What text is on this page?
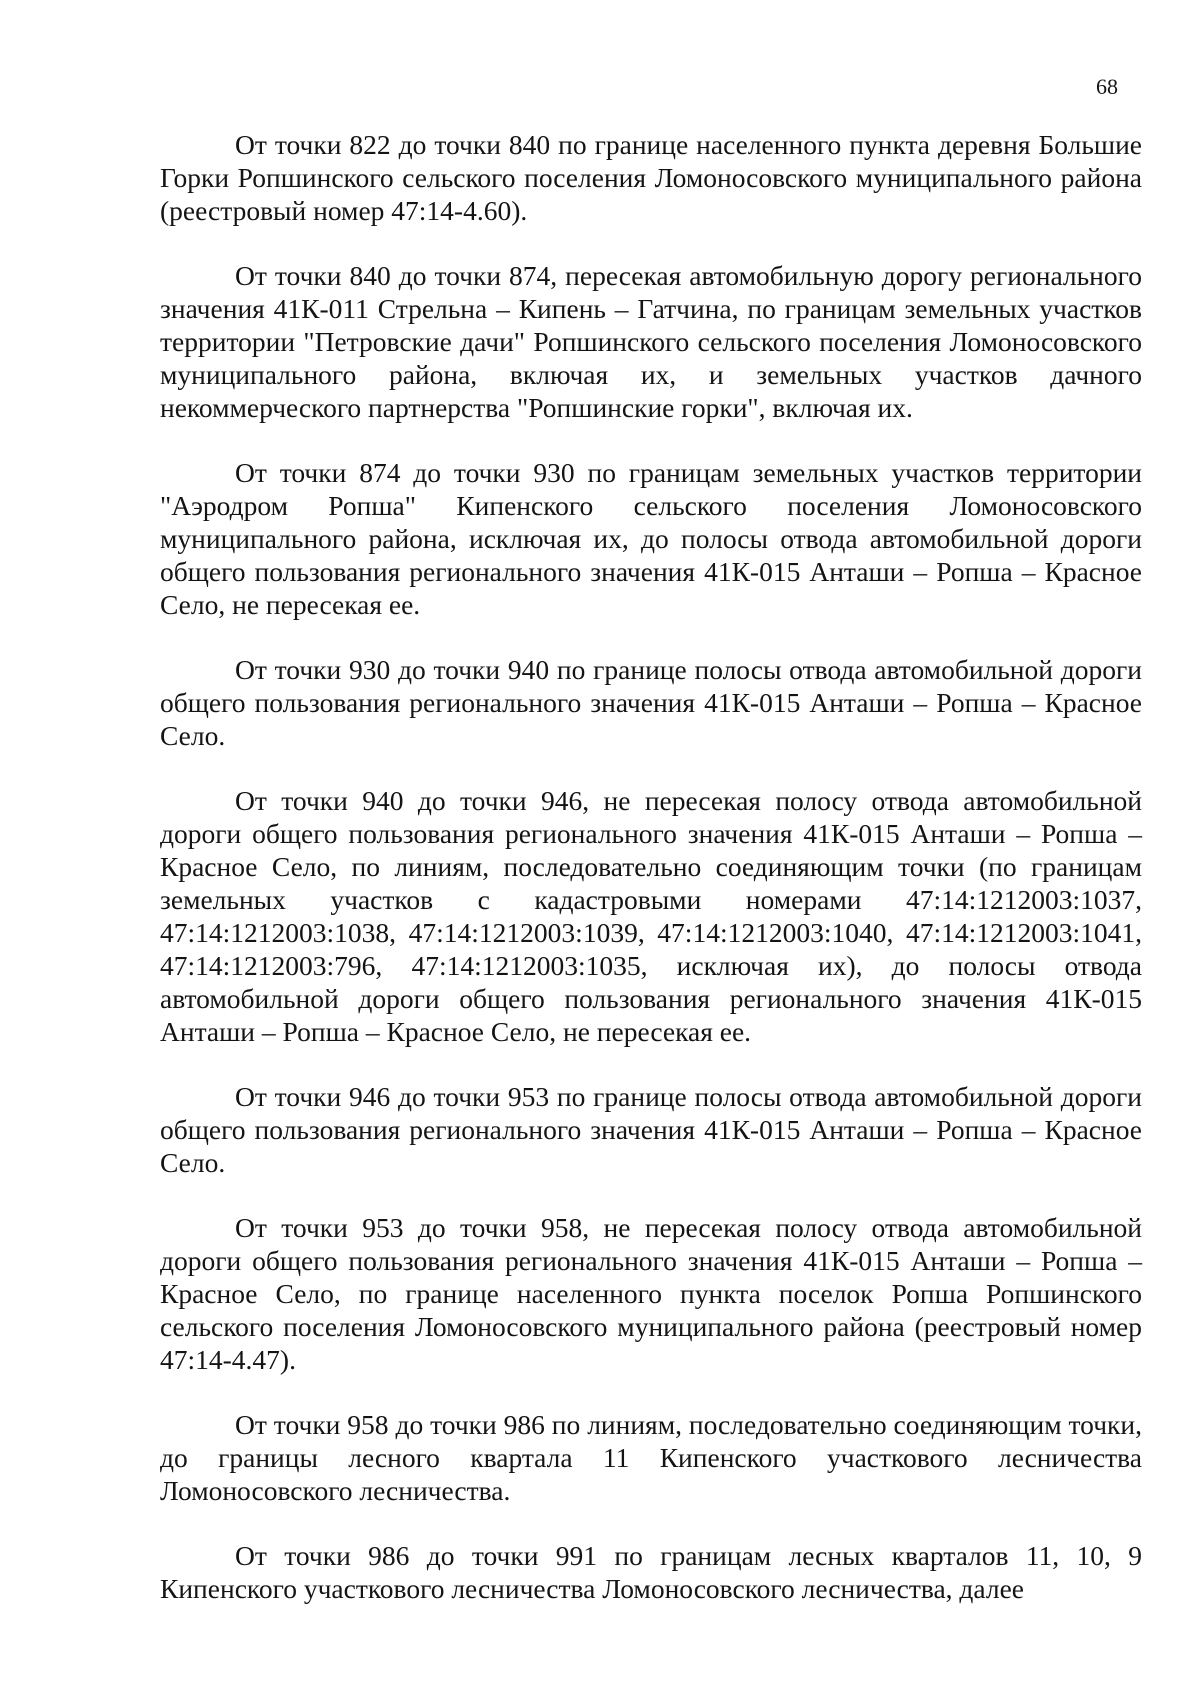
68

От точки 822 до точки 840 по границе населенного пункта деревня Большие Горки Ропшинского сельского поселения Ломоносовского муниципального района (реестровый номер 47:14-4.60).

От точки 840 до точки 874, пересекая автомобильную дорогу регионального значения 41К-011 Стрельна – Кипень – Гатчина, по границам земельных участков территории "Петровские дачи" Ропшинского сельского поселения Ломоносовского муниципального района, включая их, и земельных участков дачного некоммерческого партнерства "Ропшинские горки", включая их.

От точки 874 до точки 930 по границам земельных участков территории "Аэродром Ропша" Кипенского сельского поселения Ломоносовского муниципального района, исключая их, до полосы отвода автомобильной дороги общего пользования регионального значения 41К-015 Анташи – Ропша – Красное Село, не пересекая ее.

От точки 930 до точки 940 по границе полосы отвода автомобильной дороги общего пользования регионального значения 41К-015 Анташи – Ропша – Красное Село.

От точки 940 до точки 946, не пересекая полосу отвода автомобильной дороги общего пользования регионального значения 41К-015 Анташи – Ропша – Красное Село, по линиям, последовательно соединяющим точки (по границам земельных участков с кадастровыми номерами 47:14:1212003:1037, 47:14:1212003:1038, 47:14:1212003:1039, 47:14:1212003:1040, 47:14:1212003:1041, 47:14:1212003:796, 47:14:1212003:1035, исключая их), до полосы отвода автомобильной дороги общего пользования регионального значения 41К-015 Анташи – Ропша – Красное Село, не пересекая ее.

От точки 946 до точки 953 по границе полосы отвода автомобильной дороги общего пользования регионального значения 41К-015 Анташи – Ропша – Красное Село.

От точки 953 до точки 958, не пересекая полосу отвода автомобильной дороги общего пользования регионального значения 41К-015 Анташи – Ропша – Красное Село, по границе населенного пункта поселок Ропша Ропшинского сельского поселения Ломоносовского муниципального района (реестровый номер 47:14-4.47).

От точки 958 до точки 986 по линиям, последовательно соединяющим точки, до границы лесного квартала 11 Кипенского участкового лесничества Ломоносовского лесничества.

От точки 986 до точки 991 по границам лесных кварталов 11, 10, 9 Кипенского участкового лесничества Ломоносовского лесничества, далее
